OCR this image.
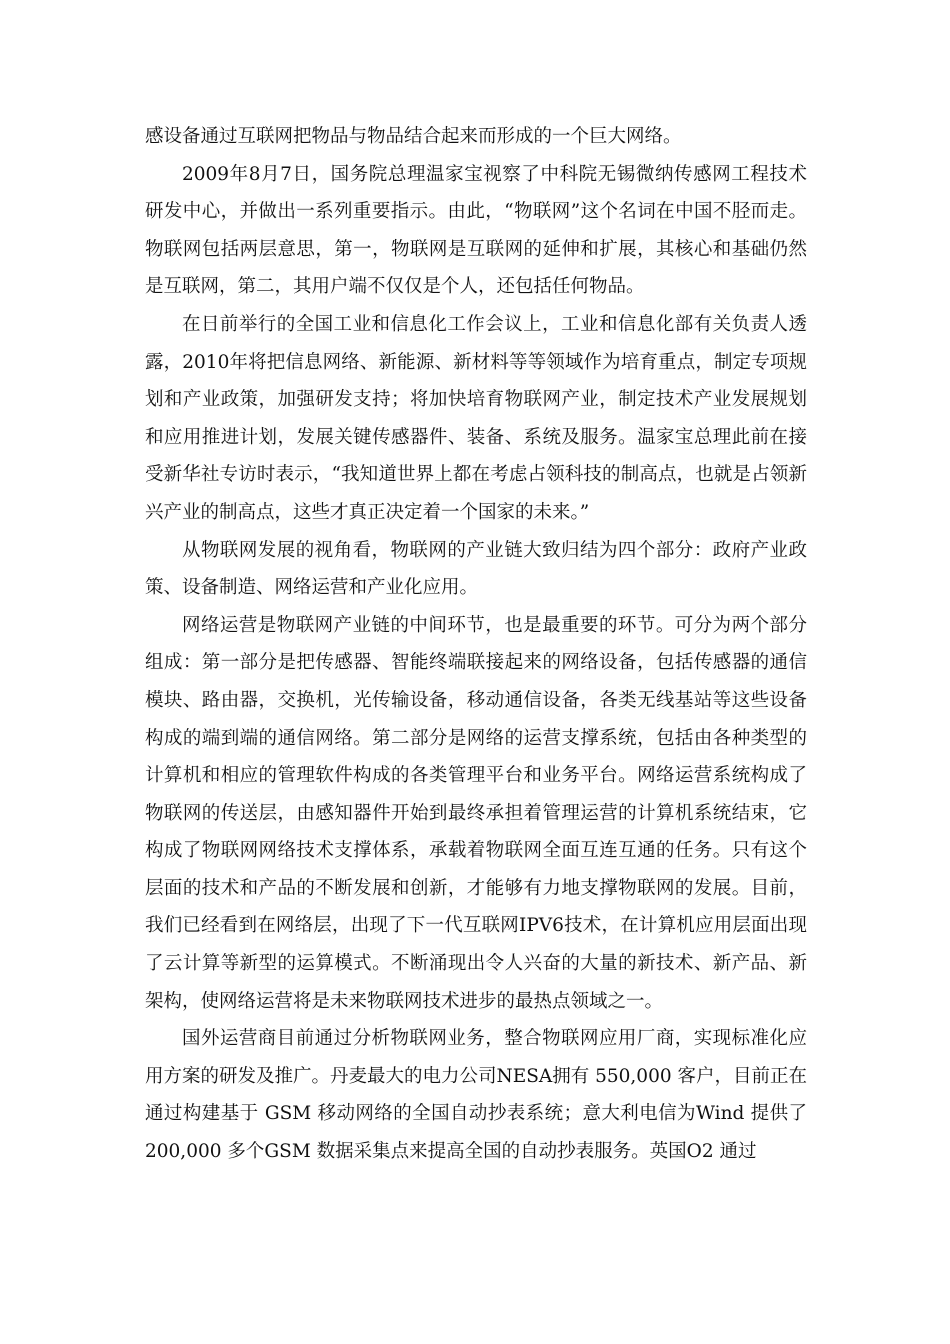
感设备通过互联网把物品与物品结合起来而形成的一个巨大网络。

2009年8月7日，国务院总理温家宝视察了中科院无锡微纳传感网工程技术研发中心，并做出一系列重要指示。由此，“物联网”这个名词在中国不胫而走。物联网包括两层意思，第一，物联网是互联网的延伸和扩展，其核心和基础仍然是互联网，第二，其用户端不仅仅是个人，还包括任何物品。

在日前举行的全国工业和信息化工作会议上，工业和信息化部有关负责人透露，2010年将把信息网络、新能源、新材料等等领域作为培育重点，制定专项规划和产业政策，加强研发支持；将加快培育物联网产业，制定技术产业发展规划和应用推进计划，发展关键传感器件、装备、系统及服务。温家宝总理此前在接受新华社专访时表示，“我知道世界上都在考虑占领科技的制高点，也就是占领新兴产业的制高点，这些才真正决定着一个国家的未来。”

从物联网发展的视角看，物联网的产业链大致归结为四个部分：政府产业政策、设备制造、网络运营和产业化应用。

网络运营是物联网产业链的中间环节，也是最重要的环节。可分为两个部分组成：第一部分是把传感器、智能终端联接起来的网络设备，包括传感器的通信模块、路由器，交换机，光传输设备，移动通信设备，各类无线基站等这些设备构成的端到端的通信网络。第二部分是网络的运营支撑系统，包括由各种类型的计算机和相应的管理软件构成的各类管理平台和业务平台。网络运营系统构成了物联网的传送层，由感知器件开始到最终承担着管理运营的计算机系统结束，它构成了物联网网络技术支撑体系，承载着物联网全面互连互通的任务。只有这个层面的技术和产品的不断发展和创新，才能够有力地支撑物联网的发展。目前，我们已经看到在网络层，出现了下一代互联网IPV6技术，在计算机应用层面出现了云计算等新型的运算模式。不断涌现出令人兴奋的大量的新技术、新产品、新架构，使网络运营将是未来物联网技术进步的最热点领域之一。

国外运营商目前通过分析物联网业务，整合物联网应用厂商，实现标准化应用方案的研发及推广。丹麦最大的电力公司NESA拥有 550,000 客户，目前正在通过构建基于 GSM 移动网络的全国自动抄表系统；意大利电信为Wind 提供了 200,000 多个GSM 数据采集点来提高全国的自动抄表服务。英国O2 通过
